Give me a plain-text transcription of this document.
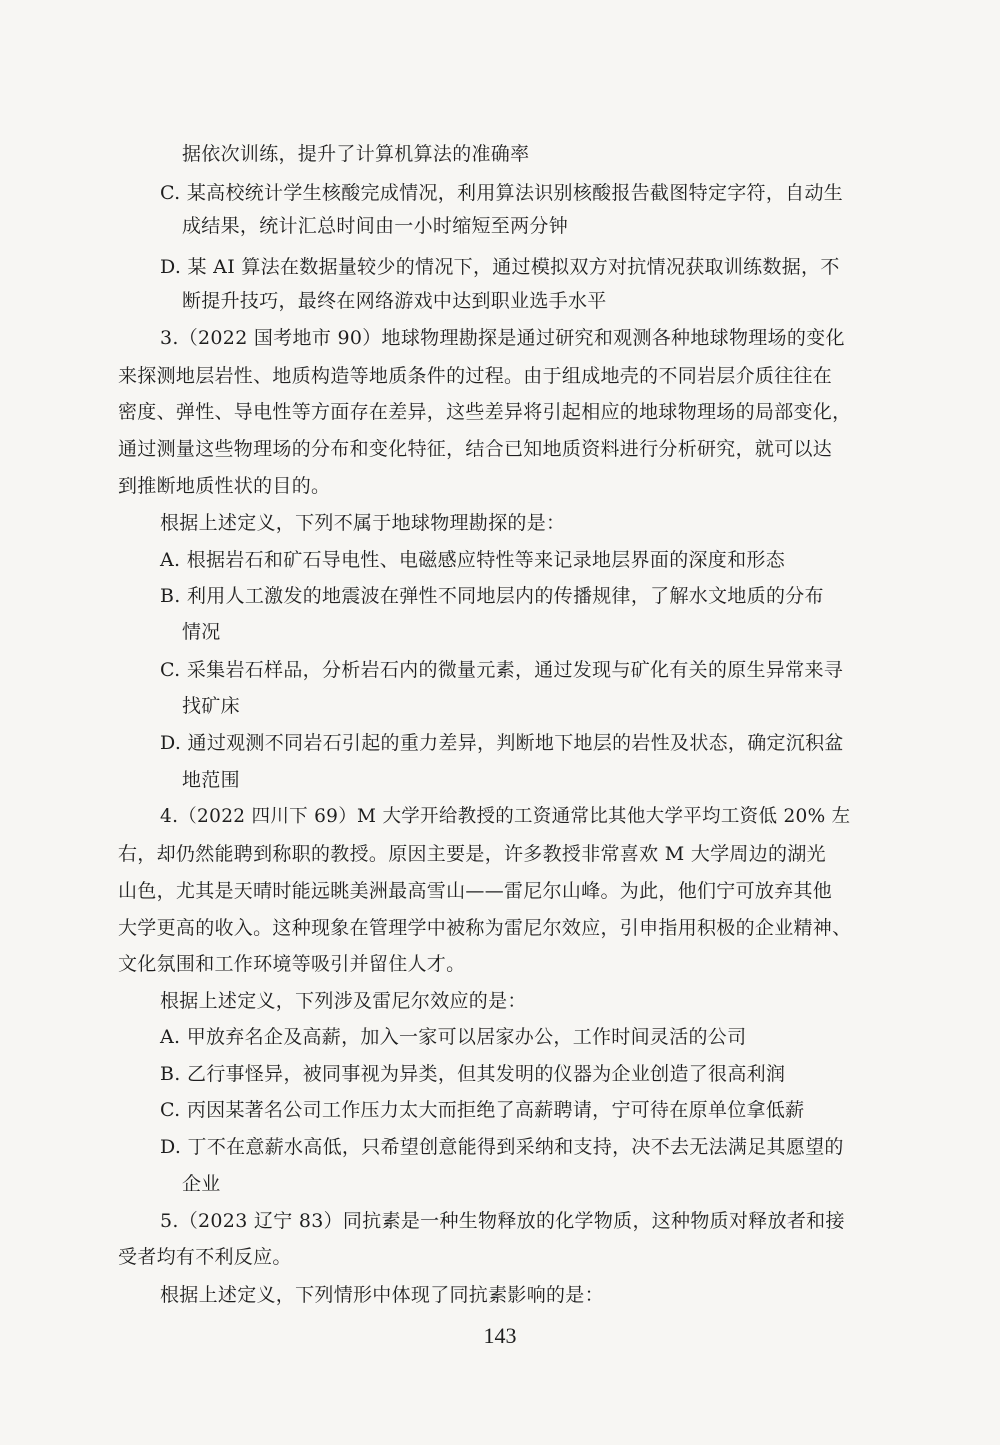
据依次训练，提升了计算机算法的准确率
C. 某高校统计学生核酸完成情况，利用算法识别核酸报告截图特定字符，自动生
成结果，统计汇总时间由一小时缩短至两分钟
D. 某 AI 算法在数据量较少的情况下，通过模拟双方对抗情况获取训练数据，不
断提升技巧，最终在网络游戏中达到职业选手水平
3.（2022 国考地市 90）地球物理勘探是通过研究和观测各种地球物理场的变化
来探测地层岩性、地质构造等地质条件的过程。由于组成地壳的不同岩层介质往往在
密度、弹性、导电性等方面存在差异，这些差异将引起相应的地球物理场的局部变化，
通过测量这些物理场的分布和变化特征，结合已知地质资料进行分析研究，就可以达
到推断地质性状的目的。
根据上述定义，下列不属于地球物理勘探的是：
A. 根据岩石和矿石导电性、电磁感应特性等来记录地层界面的深度和形态
B. 利用人工激发的地震波在弹性不同地层内的传播规律，了解水文地质的分布
情况
C. 采集岩石样品，分析岩石内的微量元素，通过发现与矿化有关的原生异常来寻
找矿床
D. 通过观测不同岩石引起的重力差异，判断地下地层的岩性及状态，确定沉积盆
地范围
4.（2022 四川下 69）M 大学开给教授的工资通常比其他大学平均工资低 20% 左
右，却仍然能聘到称职的教授。原因主要是，许多教授非常喜欢 M 大学周边的湖光
山色，尤其是天晴时能远眺美洲最高雪山——雷尼尔山峰。为此，他们宁可放弃其他
大学更高的收入。这种现象在管理学中被称为雷尼尔效应，引申指用积极的企业精神、
文化氛围和工作环境等吸引并留住人才。
根据上述定义，下列涉及雷尼尔效应的是：
A. 甲放弃名企及高薪，加入一家可以居家办公，工作时间灵活的公司
B. 乙行事怪异，被同事视为异类，但其发明的仪器为企业创造了很高利润
C. 丙因某著名公司工作压力太大而拒绝了高薪聘请，宁可待在原单位拿低薪
D. 丁不在意薪水高低，只希望创意能得到采纳和支持，决不去无法满足其愿望的
企业
5.（2023 辽宁 83）同抗素是一种生物释放的化学物质，这种物质对释放者和接
受者均有不利反应。
根据上述定义，下列情形中体现了同抗素影响的是：
143
